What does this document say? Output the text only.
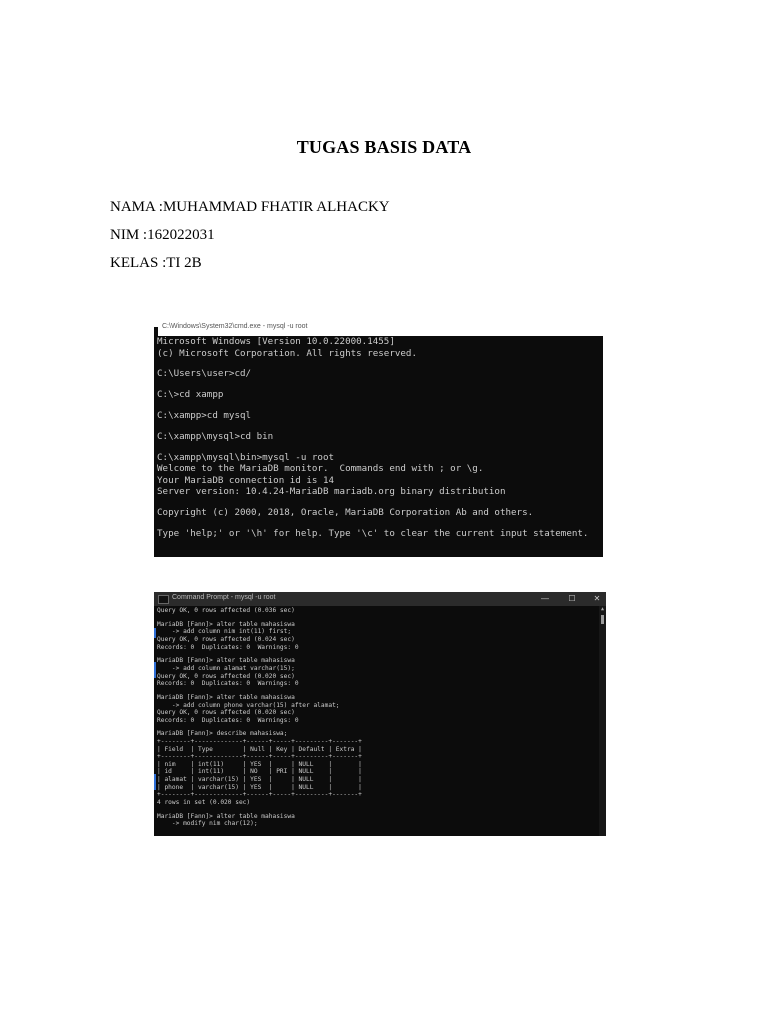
TUGAS BASIS DATA
NAMA :MUHAMMAD FHATIR ALHACKY
NIM :162022031
KELAS :TI 2B

C:\Windows\System32\cmd.exe - mysql -u root

Microsoft Windows [Version 10.0.22000.1455]
(c) Microsoft Corporation. All rights reserved.
C:\Users\user>cd/
C:\>cd xampp
C:\xampp>cd mysql
C:\xampp\mysql>cd bin
C:\xampp\mysql\bin>mysql -u root
Welcome to the MariaDB monitor.  Commands end with ; or \g.
Your MariaDB connection id is 14
Server version: 10.4.24-MariaDB mariadb.org binary distribution
Copyright (c) 2000, 2018, Oracle, MariaDB Corporation Ab and others.
Type 'help;' or '\h' for help. Type '\c' to clear the current input statement.

Command Prompt - mysql -u root

	—

	☐

	✕

Query OK, 0 rows affected (0.036 sec)
MariaDB [Fann]> alter table mahasiswa
-> add column nim int(11) first;
Query OK, 0 rows affected (0.024 sec)
Records: 0  Duplicates: 0  Warnings: 0
MariaDB [Fann]> alter table mahasiswa
-> add column alamat varchar(15);
Query OK, 0 rows affected (0.020 sec)
Records: 0  Duplicates: 0  Warnings: 0
MariaDB [Fann]> alter table mahasiswa
-> add column phone varchar(15) after alamat;
Query OK, 0 rows affected (0.020 sec)
Records: 0  Duplicates: 0  Warnings: 0
MariaDB [Fann]> describe mahasiswa;
+--------+-------------+------+-----+---------+-------+
| Field  | Type        | Null | Key | Default | Extra |
+--------+-------------+------+-----+---------+-------+
| nim    | int(11)     | YES  |     | NULL    |       |
| id     | int(11)     | NO   | PRI | NULL    |       |
| alamat | varchar(15) | YES  |     | NULL    |       |
| phone  | varchar(15) | YES  |     | NULL    |       |
+--------+-------------+------+-----+---------+-------+
4 rows in set (0.020 sec)
MariaDB [Fann]> alter table mahasiswa
-> modify nim char(12);

▲
